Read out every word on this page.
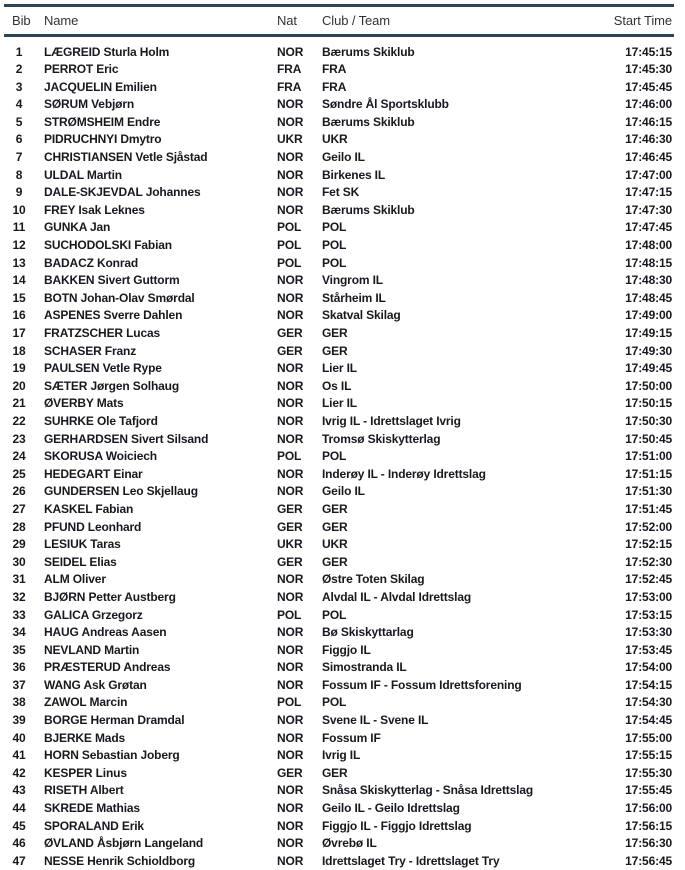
Bib	Name	Nat	Club / Team	Start Time
1	LÆGREID Sturla Holm	NOR	Bærums Skiklub	17:45:15
2	PERROT Eric	FRA	FRA	17:45:30
3	JACQUELIN Emilien	FRA	FRA	17:45:45
4	SØRUM Vebjørn	NOR	Søndre Ål Sportsklubb	17:46:00
5	STRØMSHEIM Endre	NOR	Bærums Skiklub	17:46:15
6	PIDRUCHNYI Dmytro	UKR	UKR	17:46:30
7	CHRISTIANSEN Vetle Sjåstad	NOR	Geilo IL	17:46:45
8	ULDAL Martin	NOR	Birkenes IL	17:47:00
9	DALE-SKJEVDAL Johannes	NOR	Fet SK	17:47:15
10	FREY Isak Leknes	NOR	Bærums Skiklub	17:47:30
11	GUNKA Jan	POL	POL	17:47:45
12	SUCHODOLSKI Fabian	POL	POL	17:48:00
13	BADACZ Konrad	POL	POL	17:48:15
14	BAKKEN Sivert Guttorm	NOR	Vingrom IL	17:48:30
15	BOTN Johan-Olav Smørdal	NOR	Stårheim IL	17:48:45
16	ASPENES Sverre Dahlen	NOR	Skatval Skilag	17:49:00
17	FRATZSCHER Lucas	GER	GER	17:49:15
18	SCHASER Franz	GER	GER	17:49:30
19	PAULSEN Vetle Rype	NOR	Lier IL	17:49:45
20	SÆTER Jørgen Solhaug	NOR	Os IL	17:50:00
21	ØVERBY Mats	NOR	Lier IL	17:50:15
22	SUHRKE Ole Tafjord	NOR	Ivrig IL - Idrettslaget Ivrig	17:50:30
23	GERHARDSEN Sivert Silsand	NOR	Tromsø Skiskytterlag	17:50:45
24	SKORUSA Woiciech	POL	POL	17:51:00
25	HEDEGART Einar	NOR	Inderøy IL - Inderøy Idrettslag	17:51:15
26	GUNDERSEN Leo Skjellaug	NOR	Geilo IL	17:51:30
27	KASKEL Fabian	GER	GER	17:51:45
28	PFUND Leonhard	GER	GER	17:52:00
29	LESIUK Taras	UKR	UKR	17:52:15
30	SEIDEL Elias	GER	GER	17:52:30
31	ALM Oliver	NOR	Østre Toten Skilag	17:52:45
32	BJØRN Petter Austberg	NOR	Alvdal IL - Alvdal Idrettslag	17:53:00
33	GALICA Grzegorz	POL	POL	17:53:15
34	HAUG Andreas Aasen	NOR	Bø Skiskyttarlag	17:53:30
35	NEVLAND Martin	NOR	Figgjo IL	17:53:45
36	PRÆSTERUD Andreas	NOR	Simostranda IL	17:54:00
37	WANG Ask Grøtan	NOR	Fossum IF - Fossum Idrettsforening	17:54:15
38	ZAWOL Marcin	POL	POL	17:54:30
39	BORGE Herman Dramdal	NOR	Svene IL - Svene IL	17:54:45
40	BJERKE Mads	NOR	Fossum IF	17:55:00
41	HORN Sebastian Joberg	NOR	Ivrig IL	17:55:15
42	KESPER Linus	GER	GER	17:55:30
43	RISETH Albert	NOR	Snåsa Skiskytterlag - Snåsa Idrettslag	17:55:45
44	SKREDE Mathias	NOR	Geilo IL - Geilo Idrettslag	17:56:00
45	SPORALAND Erik	NOR	Figgjo IL - Figgjo Idrettslag	17:56:15
46	ØVLAND Åsbjørn Langeland	NOR	Øvrebø IL	17:56:30
47	NESSE Henrik Schioldborg	NOR	Idrettslaget Try - Idrettslaget Try	17:56:45
